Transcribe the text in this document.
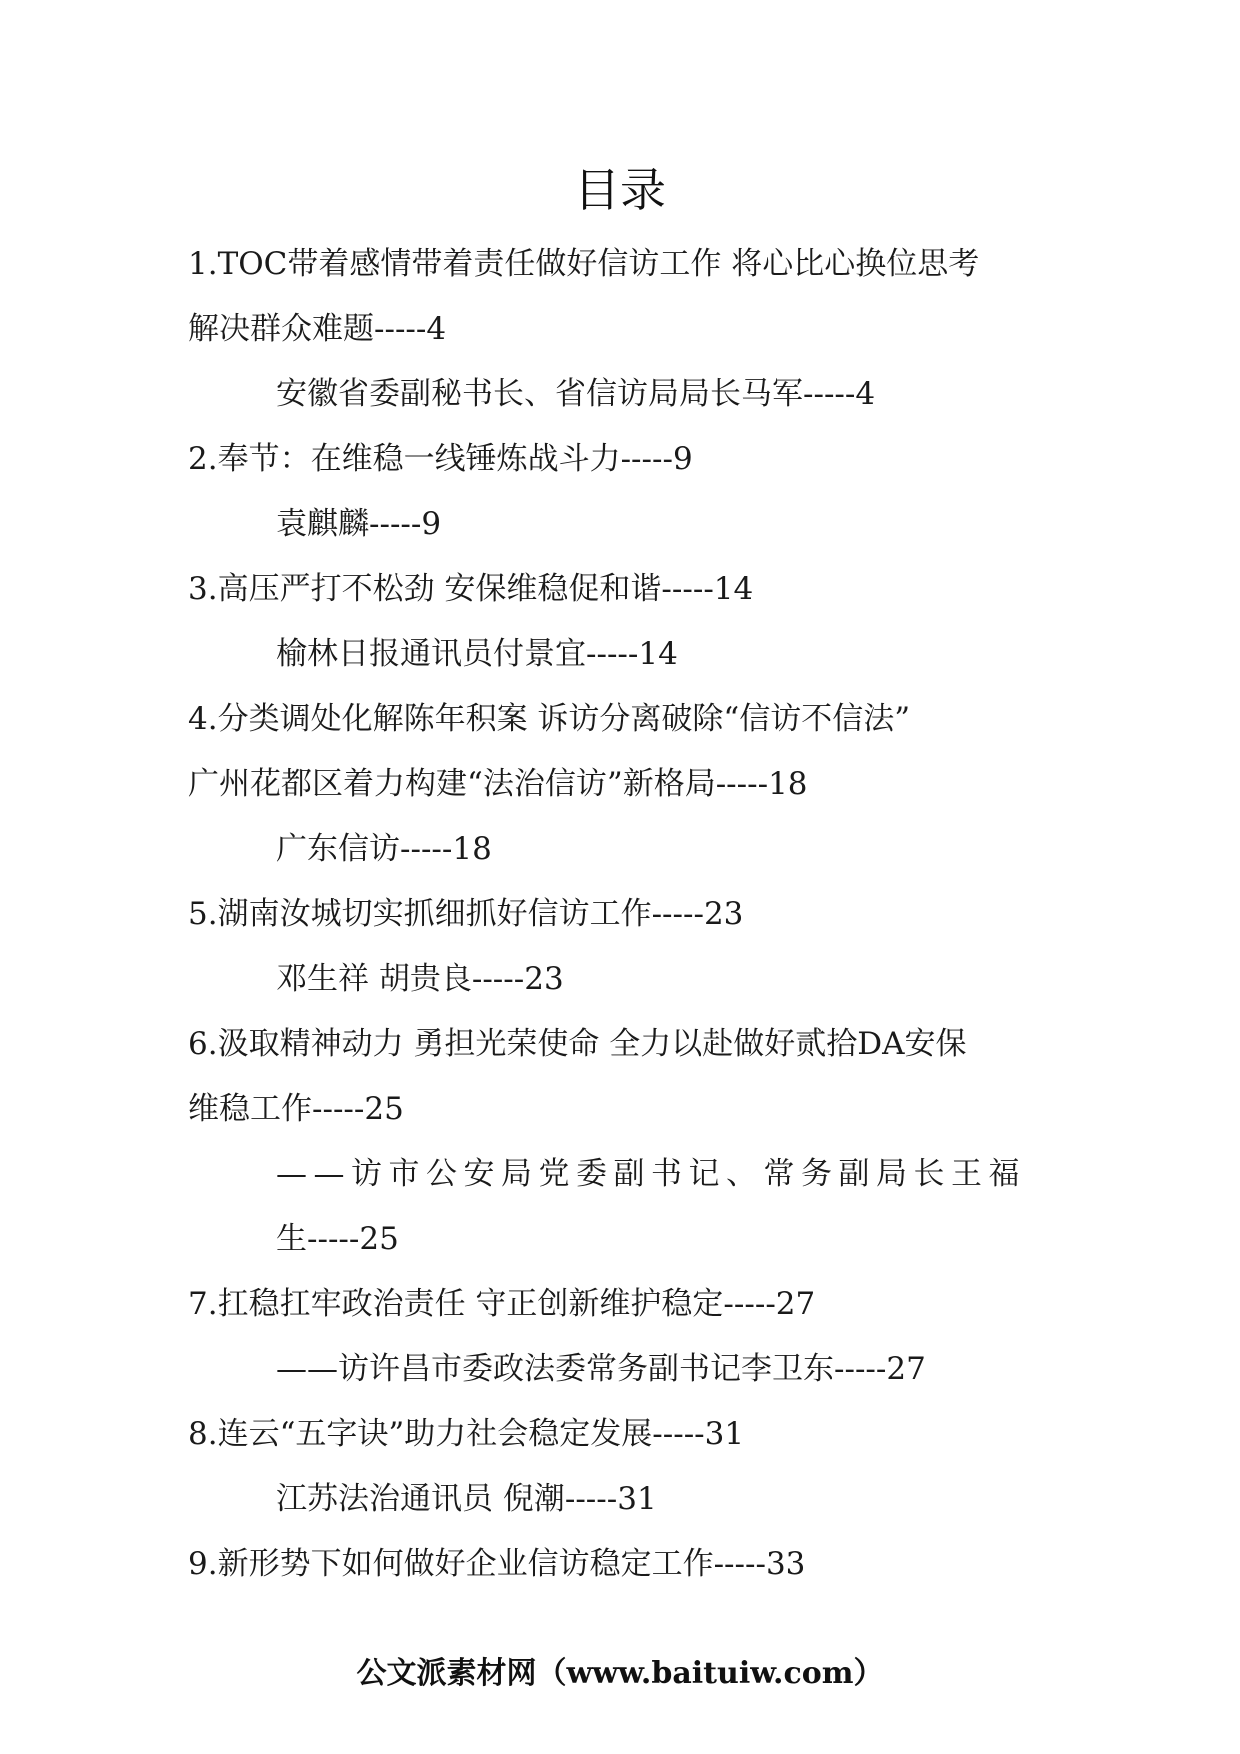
目录
1.TOC带着感情带着责任做好信访工作 将心比心换位思考
解决群众难题-----4
安徽省委副秘书长、省信访局局长马军-----4
2.奉节：在维稳一线锤炼战斗力-----9
袁麒麟-----9
3.高压严打不松劲 安保维稳促和谐-----14
榆林日报通讯员付景宜-----14
4.分类调处化解陈年积案 诉访分离破除“信访不信法”
广州花都区着力构建“法治信访”新格局-----18
广东信访-----18
5.湖南汝城切实抓细抓好信访工作-----23
邓生祥 胡贵良-----23
6.汲取精神动力 勇担光荣使命 全力以赴做好贰拾DA安保
维稳工作-----25
——访市公安局党委副书记、常务副局长王福
生-----25
7.扛稳扛牢政治责任 守正创新维护稳定-----27
——访许昌市委政法委常务副书记李卫东-----27
8.连云“五字诀”助力社会稳定发展-----31
江苏法治通讯员 倪潮-----31
9.新形势下如何做好企业信访稳定工作-----33
公文派素材网（www.baituiw.com）
